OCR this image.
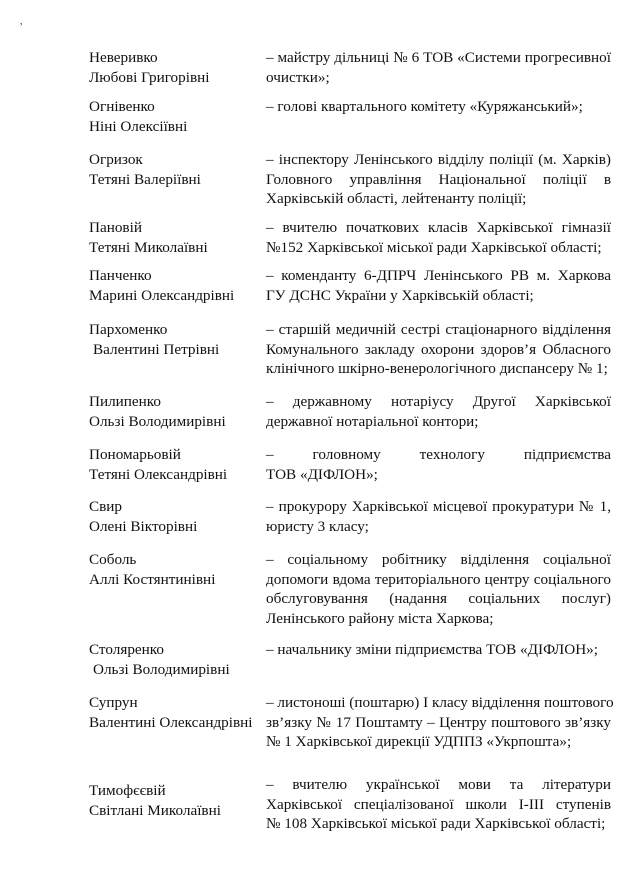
,
Неверивко
Любові Григорівні
– майстру дільниці № 6 ТОВ «Системи прогресивної
очистки»;
Огнівенко
Ніні Олексіївні
– голові квартального комітету «Куряжанський»;
Огризок
Тетяні Валеріївні
– інспектору Ленінського відділу поліції (м. Харків)
Головного управління Національної поліції в
Харківській області, лейтенанту поліції;
Пановій
Тетяні Миколаївні
– вчителю початкових класів Харківської гімназії
№152 Харківської міської ради Харківської області;
Панченко
Марині Олександрівні
– коменданту 6-ДПРЧ Ленінського РВ м. Харкова
ГУ ДСНС України у Харківській області;
Пархоменко
Валентині Петрівні
– старшій медичній сестрі стаціонарного відділення
Комунального закладу охорони здоров’я Обласного
клінічного шкірно-венерологічного диспансеру № 1;
Пилипенко
Ользі Володимирівні
– державному нотаріусу Другої Харківської
державної нотаріальної контори;
Пономарьовій
Тетяні Олександрівні
– головному технологу підприємства
ТОВ «ДІФЛОН»;
Свир
Олені Вікторівні
– прокурору Харківської місцевої прокуратури № 1,
юристу 3 класу;
Соболь
Аллі Костянтинівні
– соціальному робітнику відділення соціальної
допомоги вдома територіального центру соціального
обслуговування (надання соціальних послуг)
Ленінського району міста Харкова;
Столяренко
Ользі Володимирівні
– начальнику зміни підприємства ТОВ «ДІФЛОН»;
Супрун
Валентині Олександрівні
– листоноші (поштарю) І класу відділення поштового
зв’язку № 17 Поштамту – Центру поштового зв’язку
№ 1 Харківської дирекції УДППЗ «Укрпошта»;
Тимофєєвій
Світлані Миколаївні
– вчителю української мови та літератури
Харківської спеціалізованої школи І-ІІІ ступенів
№ 108 Харківської міської ради Харківської області;
